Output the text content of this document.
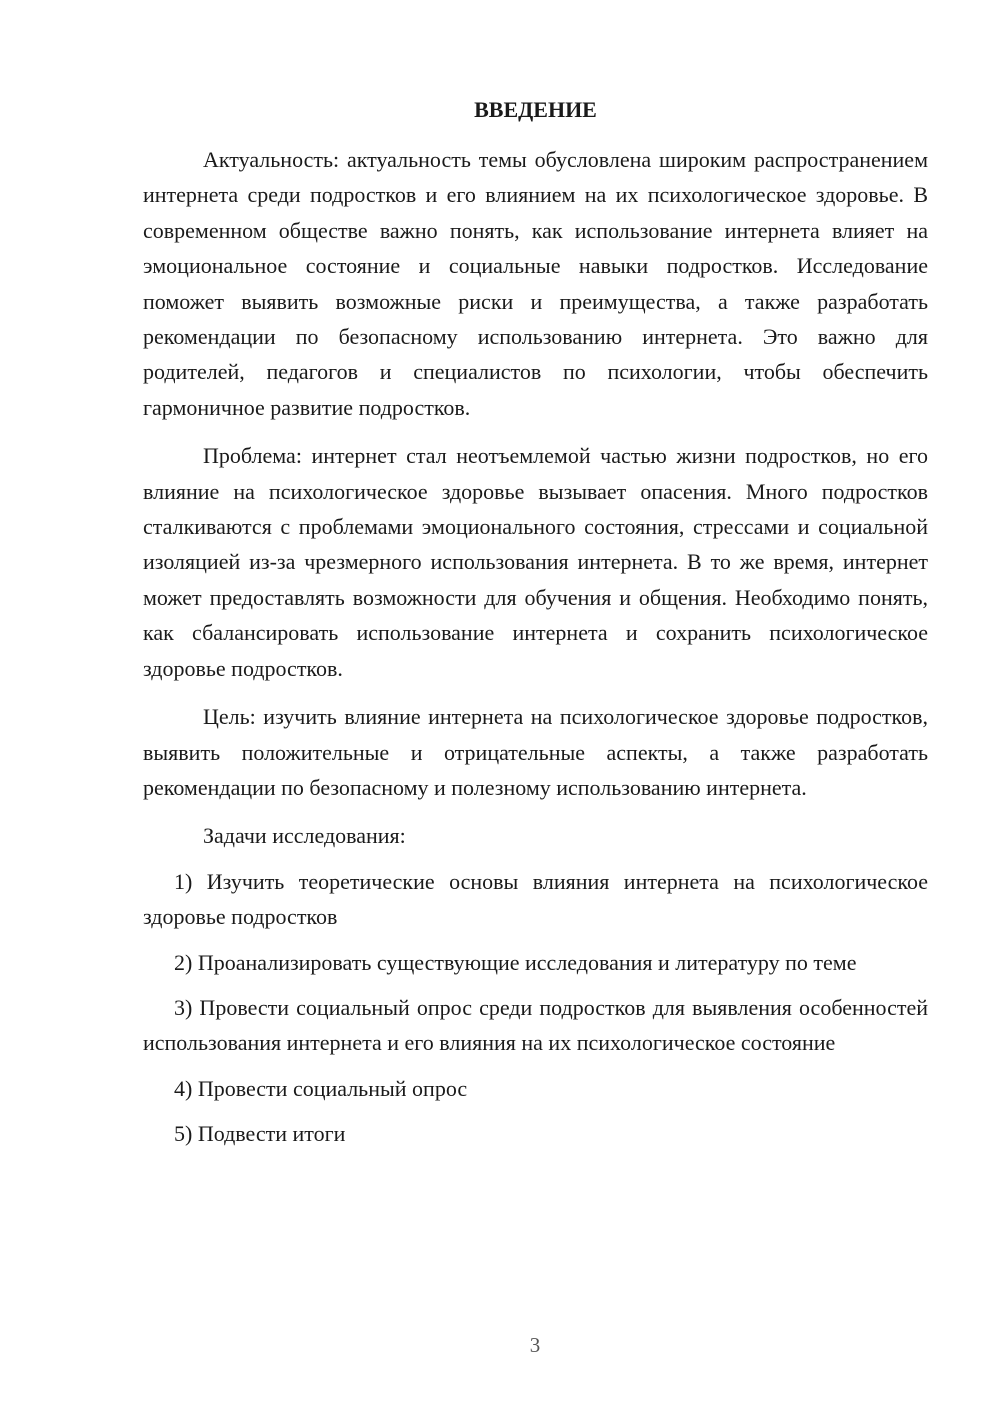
ВВЕДЕНИЕ

Актуальность: актуальность темы обусловлена широким распространением интернета среди подростков и его влиянием на их психологическое здоровье. В современном обществе важно понять, как использование интернета влияет на эмоциональное состояние и социальные навыки подростков. Исследование поможет выявить возможные риски и преимущества, а также разработать рекомендации по безопасному использованию интернета. Это важно для родителей, педагогов и специалистов по психологии, чтобы обеспечить гармоничное развитие подростков.

Проблема: интернет стал неотъемлемой частью жизни подростков, но его влияние на психологическое здоровье вызывает опасения. Много подростков сталкиваются с проблемами эмоционального состояния, стрессами и социальной изоляцией из-за чрезмерного использования интернета. В то же время, интернет может предоставлять возможности для обучения и общения. Необходимо понять, как сбалансировать использование интернета и сохранить психологическое здоровье подростков.

Цель: изучить влияние интернета на психологическое здоровье подростков, выявить положительные и отрицательные аспекты, а также разработать рекомендации по безопасному и полезному использованию интернета.

Задачи исследования:

1) Изучить теоретические основы влияния интернета на психологическое здоровье подростков
2) Проанализировать существующие исследования и литературу по теме
3) Провести социальный опрос среди подростков для выявления особенностей использования интернета и его влияния на их психологическое состояние
4) Провести социальный опрос
5) Подвести итоги
3
